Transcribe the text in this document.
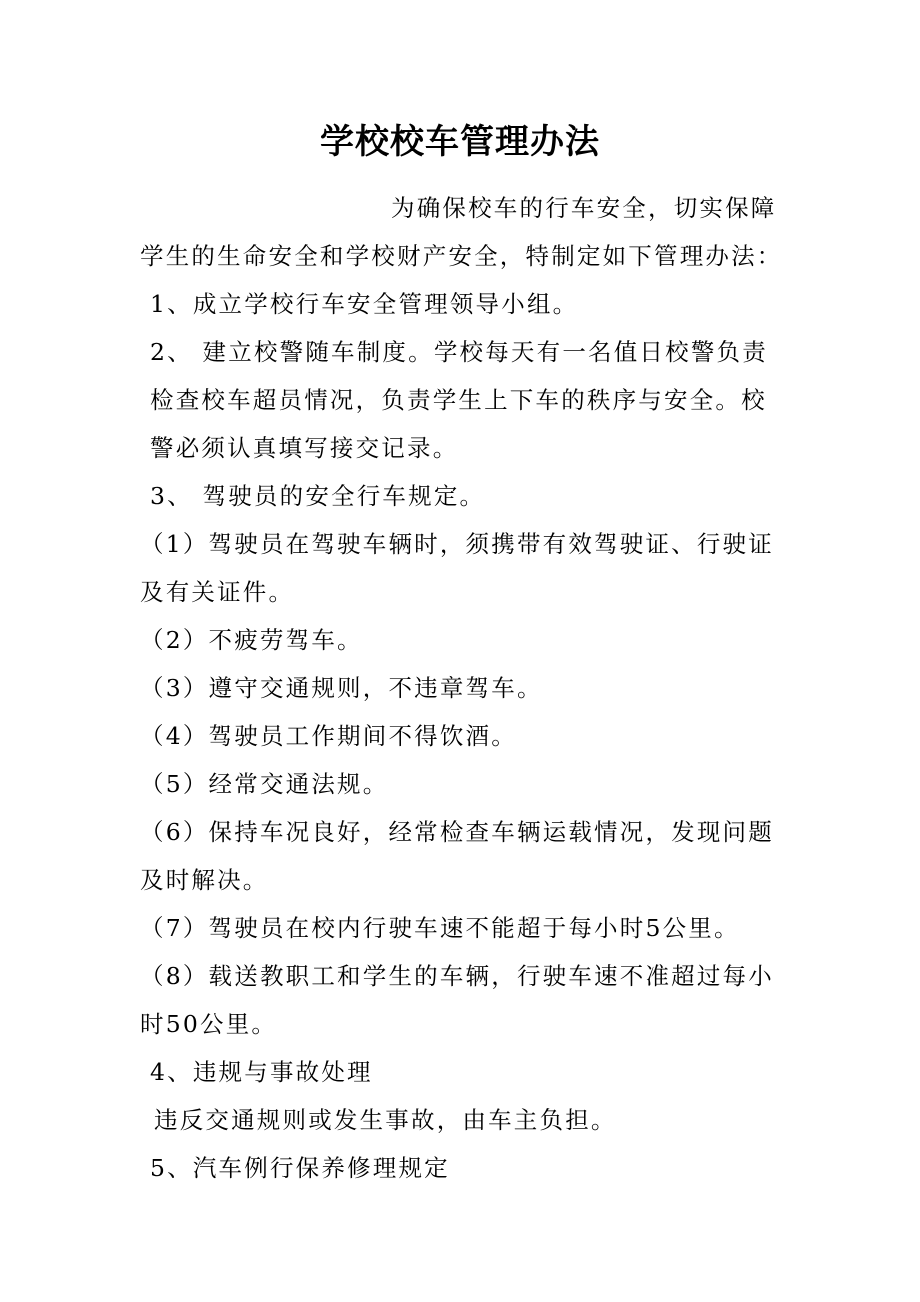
学校校车管理办法

为确保校车的行车安全，切实保障学生的生命安全和学校财产安全，特制定如下管理办法：

1、成立学校行车安全管理领导小组。

2、 建立校警随车制度。学校每天有一名值日校警负责检查校车超员情况，负责学生上下车的秩序与安全。校警必须认真填写接交记录。

3、 驾驶员的安全行车规定。

（1）驾驶员在驾驶车辆时，须携带有效驾驶证、行驶证及有关证件。

（2）不疲劳驾车。

（3）遵守交通规则，不违章驾车。

（4）驾驶员工作期间不得饮酒。

（5）经常交通法规。

（6）保持车况良好，经常检查车辆运载情况，发现问题及时解决。

（7）驾驶员在校内行驶车速不能超于每小时5公里。

（8）载送教职工和学生的车辆，行驶车速不准超过每小时50公里。

4、违规与事故处理

违反交通规则或发生事故，由车主负担。

5、汽车例行保养修理规定
